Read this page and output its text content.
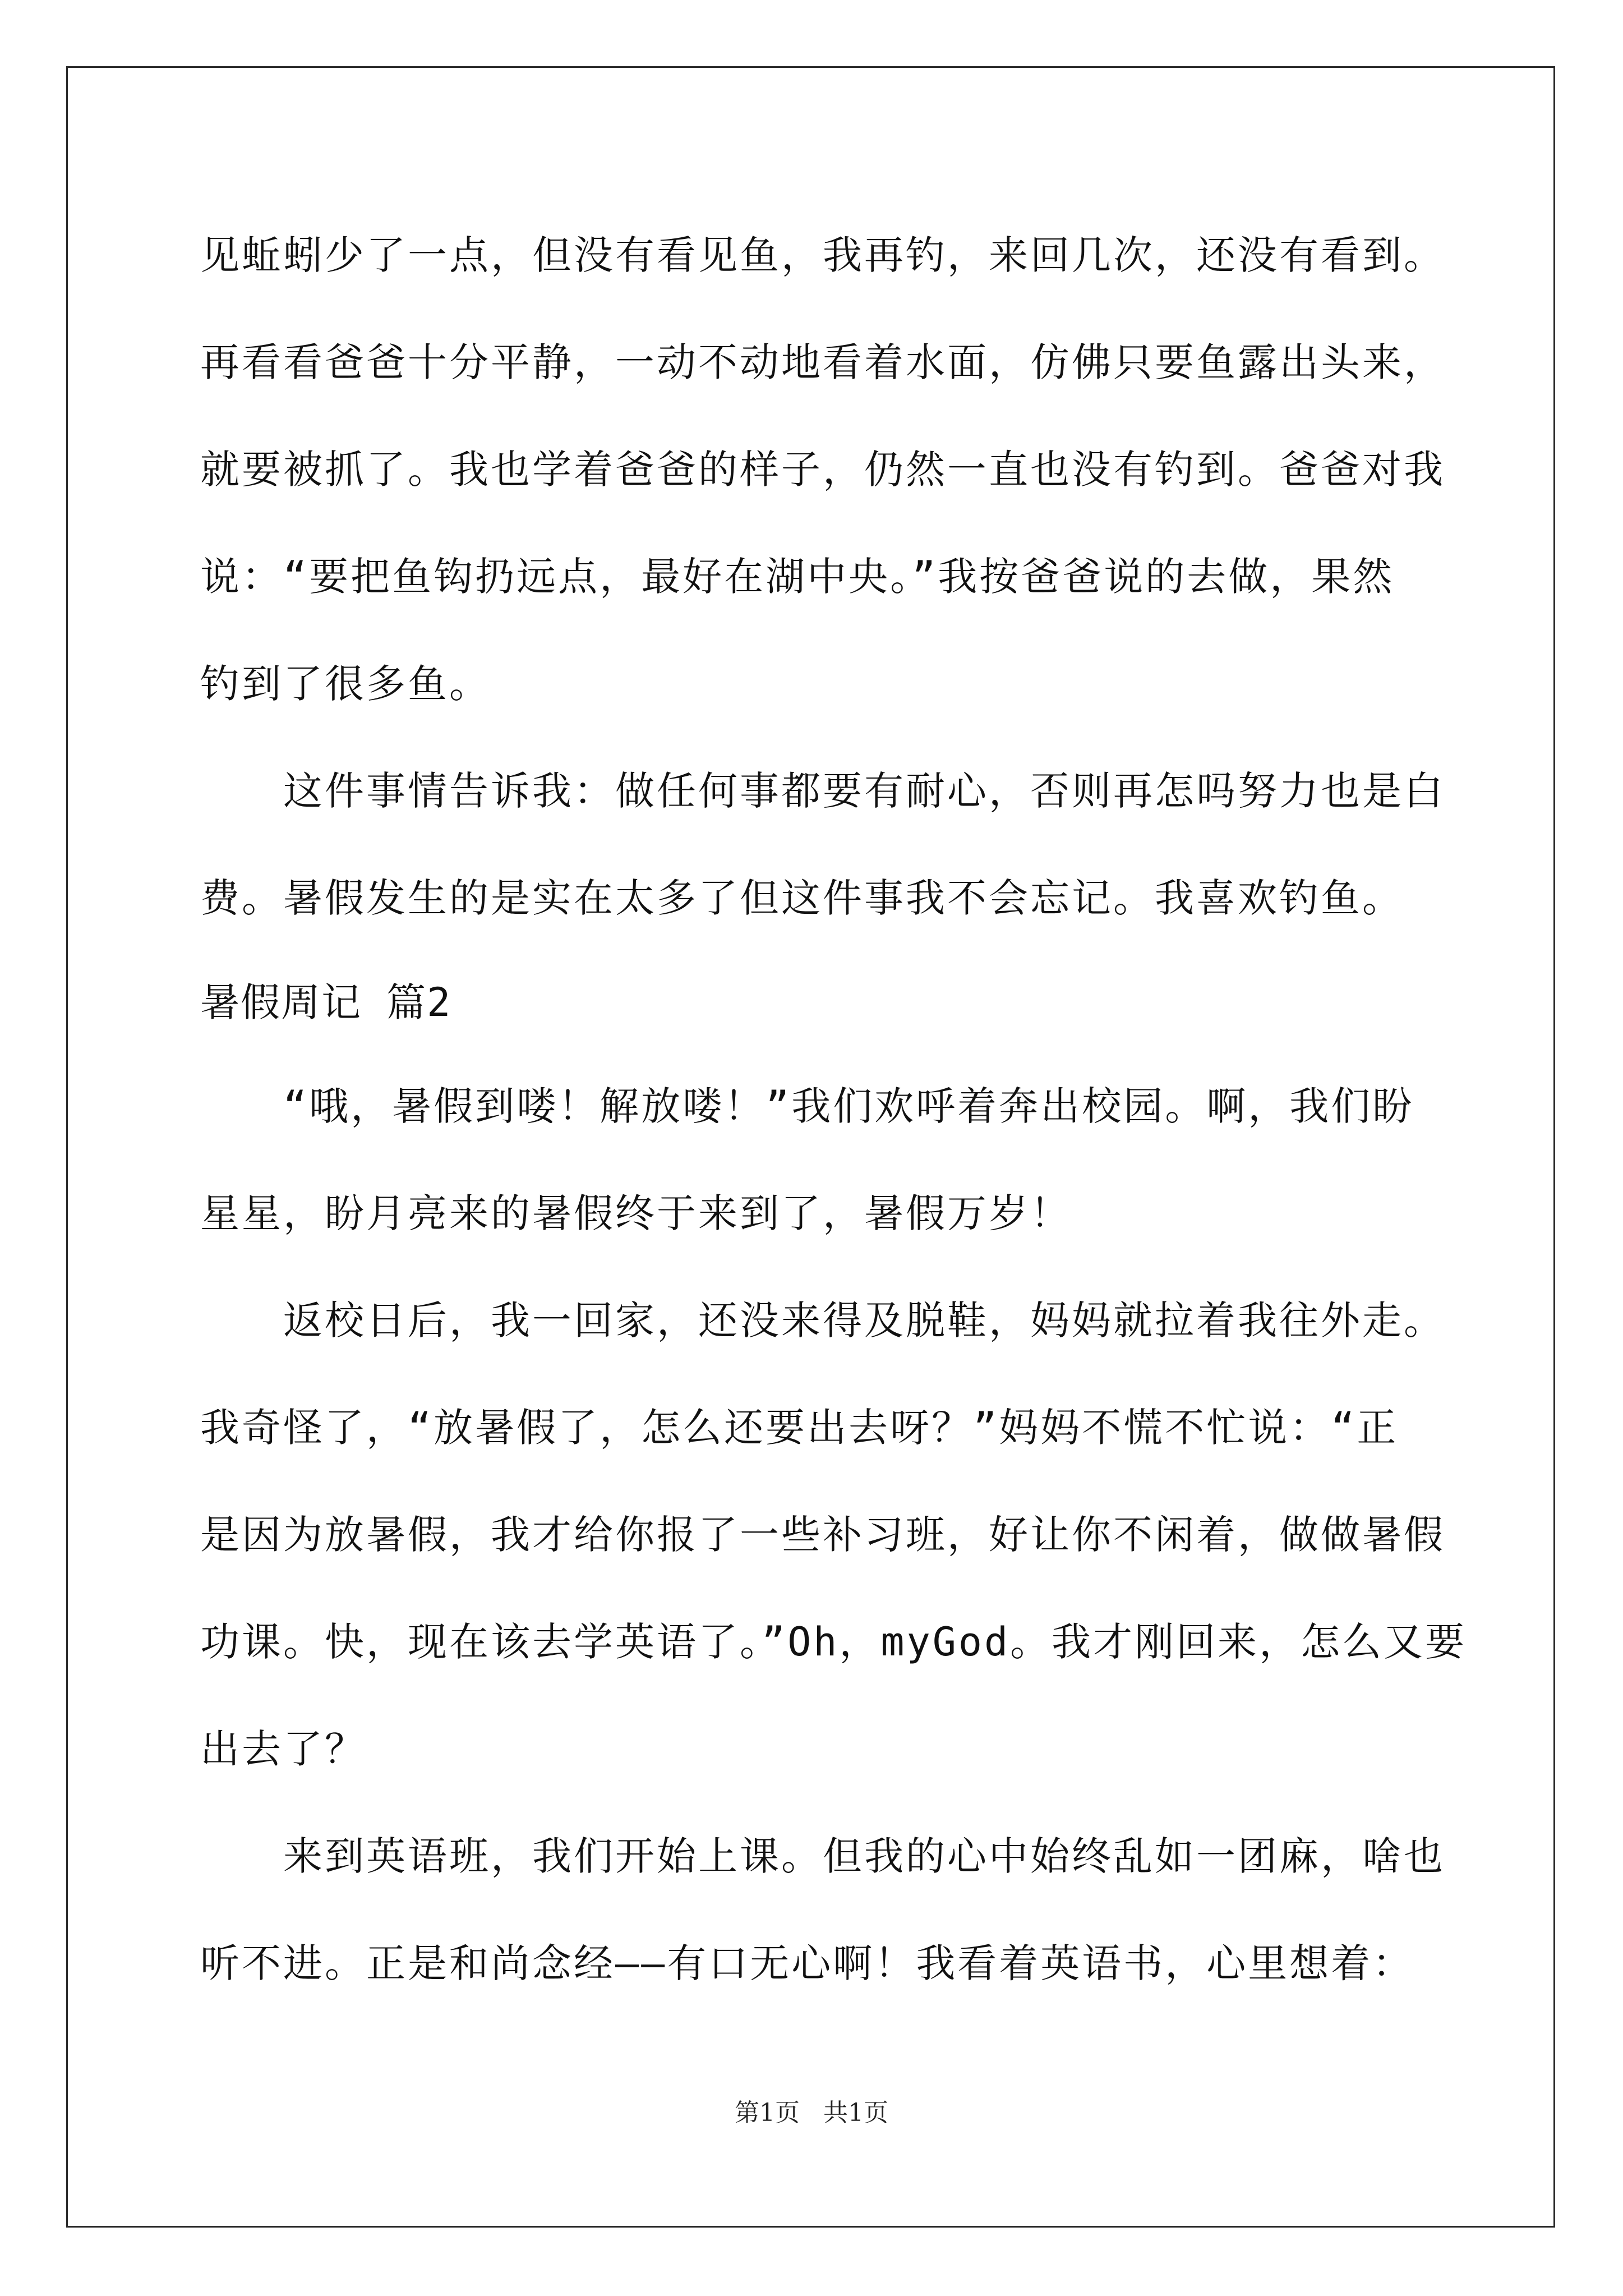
见蚯蚓少了一点，但没有看见鱼，我再钓，来回几次，还没有看到。
再看看爸爸十分平静，一动不动地看着水面，仿佛只要鱼露出头来，
就要被抓了。我也学着爸爸的样子，仍然一直也没有钓到。爸爸对我
说：“要把鱼钩扔远点，最好在湖中央。”我按爸爸说的去做，果然
钓到了很多鱼。
这件事情告诉我：做任何事都要有耐心，否则再怎吗努力也是白
费。暑假发生的是实在太多了但这件事我不会忘记。我喜欢钓鱼。
暑假周记 篇2
“哦，暑假到喽！解放喽！”我们欢呼着奔出校园。啊，我们盼
星星，盼月亮来的暑假终于来到了，暑假万岁！
返校日后，我一回家，还没来得及脱鞋，妈妈就拉着我往外走。
我奇怪了，“放暑假了，怎么还要出去呀？”妈妈不慌不忙说：“正
是因为放暑假，我才给你报了一些补习班，好让你不闲着，做做暑假
功课。快，现在该去学英语了。”Oh，myGod。我才刚回来，怎么又要
出去了？
来到英语班，我们开始上课。但我的心中始终乱如一团麻，啥也
听不进。正是和尚念经——有口无心啊！我看着英语书，心里想着：
第1页   共1页
